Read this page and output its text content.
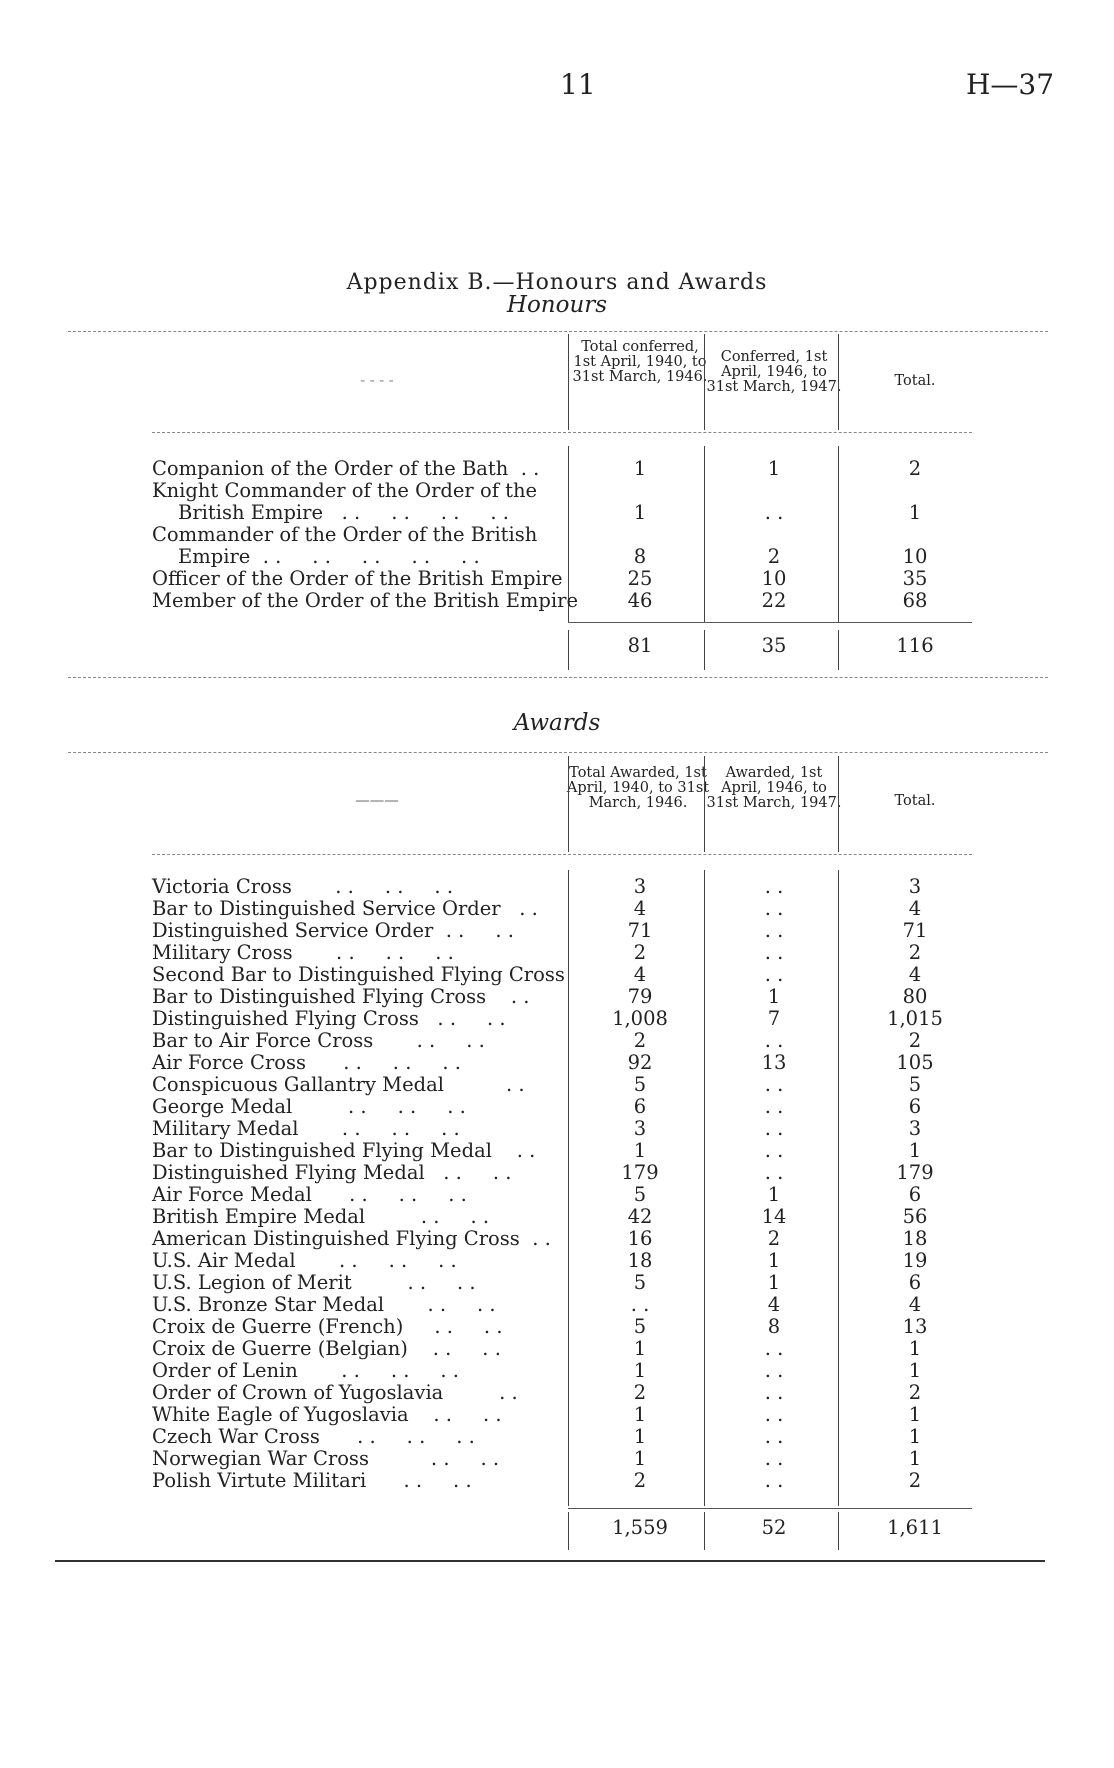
11	H—37
Appendix B.—Honours and Awards
Honours
- - - -
Total conferred, 1st April, 1940, to 31st March, 1946.
Conferred, 1st April, 1946, to 31st March, 1947.	Total.
Companion of the Order of the Bath  . .	1	1	2
Knight Commander of the Order of the
British Empire   . .     . .     . .     . .	1	. .	1
Commander of the Order of the British
Empire  . .     . .     . .     . .     . .	8	2	10
Officer of the Order of the British Empire	25	10	35
Member of the Order of the British Empire	46	22	68
81	35	116
Awards
———
Total Awarded, 1st April, 1940, to 31st March, 1946.
Awarded, 1st April, 1946, to 31st March, 1947.	Total.
Victoria Cross       . .     . .     . .	3	. .	3
Bar to Distinguished Service Order   . .	4	. .	4
Distinguished Service Order  . .     . .	71	. .	71
Military Cross       . .     . .     . .	2	. .	2
Second Bar to Distinguished Flying Cross	4	. .	4
Bar to Distinguished Flying Cross    . .	79	1	80
Distinguished Flying Cross   . .     . .	1,008	7	1,015
Bar to Air Force Cross       . .     . .	2	. .	2
Air Force Cross      . .     . .     . .	92	13	105
Conspicuous Gallantry Medal          . .	5	. .	5
George Medal         . .     . .     . .	6	. .	6
Military Medal       . .     . .     . .	3	. .	3
Bar to Distinguished Flying Medal    . .	1	. .	1
Distinguished Flying Medal   . .     . .	179	. .	179
Air Force Medal      . .     . .     . .	5	1	6
British Empire Medal         . .     . .	42	14	56
American Distinguished Flying Cross  . .	16	2	18
U.S. Air Medal       . .     . .     . .	18	1	19
U.S. Legion of Merit         . .     . .	5	1	6
U.S. Bronze Star Medal       . .     . .	. .	4	4
Croix de Guerre (French)     . .     . .	5	8	13
Croix de Guerre (Belgian)    . .     . .	1	. .	1
Order of Lenin       . .     . .     . .	1	. .	1
Order of Crown of Yugoslavia         . .	2	. .	2
White Eagle of Yugoslavia    . .     . .	1	. .	1
Czech War Cross      . .     . .     . .	1	. .	1
Norwegian War Cross          . .     . .	1	. .	1
Polish Virtute Militari      . .     . .	2	. .	2
1,559	52	1,611
